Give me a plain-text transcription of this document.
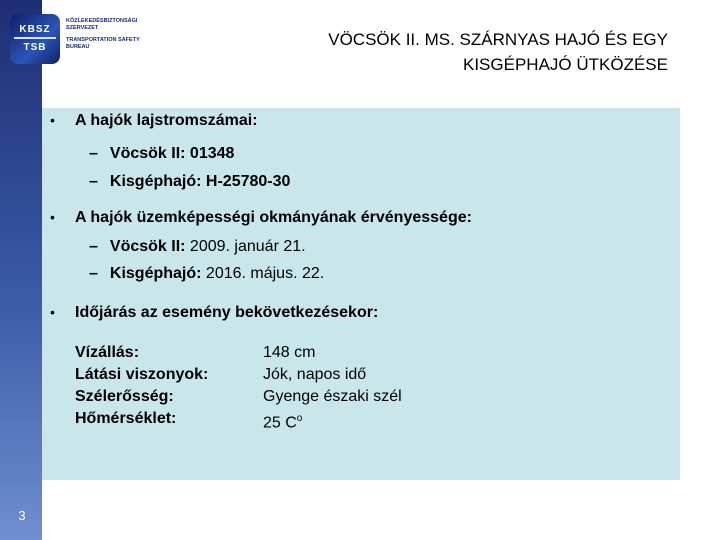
3
KBSZ
TSB
KÖZLEKEDÉSBIZTONSÁGI
SZERVEZET
TRANSPORTATION SAFETY
BUREAU	VÖCSÖK II. MS. SZÁRNYAS HAJÓ ÉS EGY
KISGÉPHAJÓ ÜTKÖZÉSE
• A hajók lajstromszámai:
– Vöcsök II: 01348
– Kisgéphajó: H-25780-30
• A hajók üzemképességi okmányának érvényessége:
– Vöcsök II: 2009. január 21.
– Kisgéphajó: 2016. május. 22.
• Időjárás az esemény bekövetkezésekor:
Vízállás:
Látási viszonyok:
Szélerősség:
Hőmérséklet:
148 cm
Jók, napos idő
Gyenge északi szél
25 $C^o$
